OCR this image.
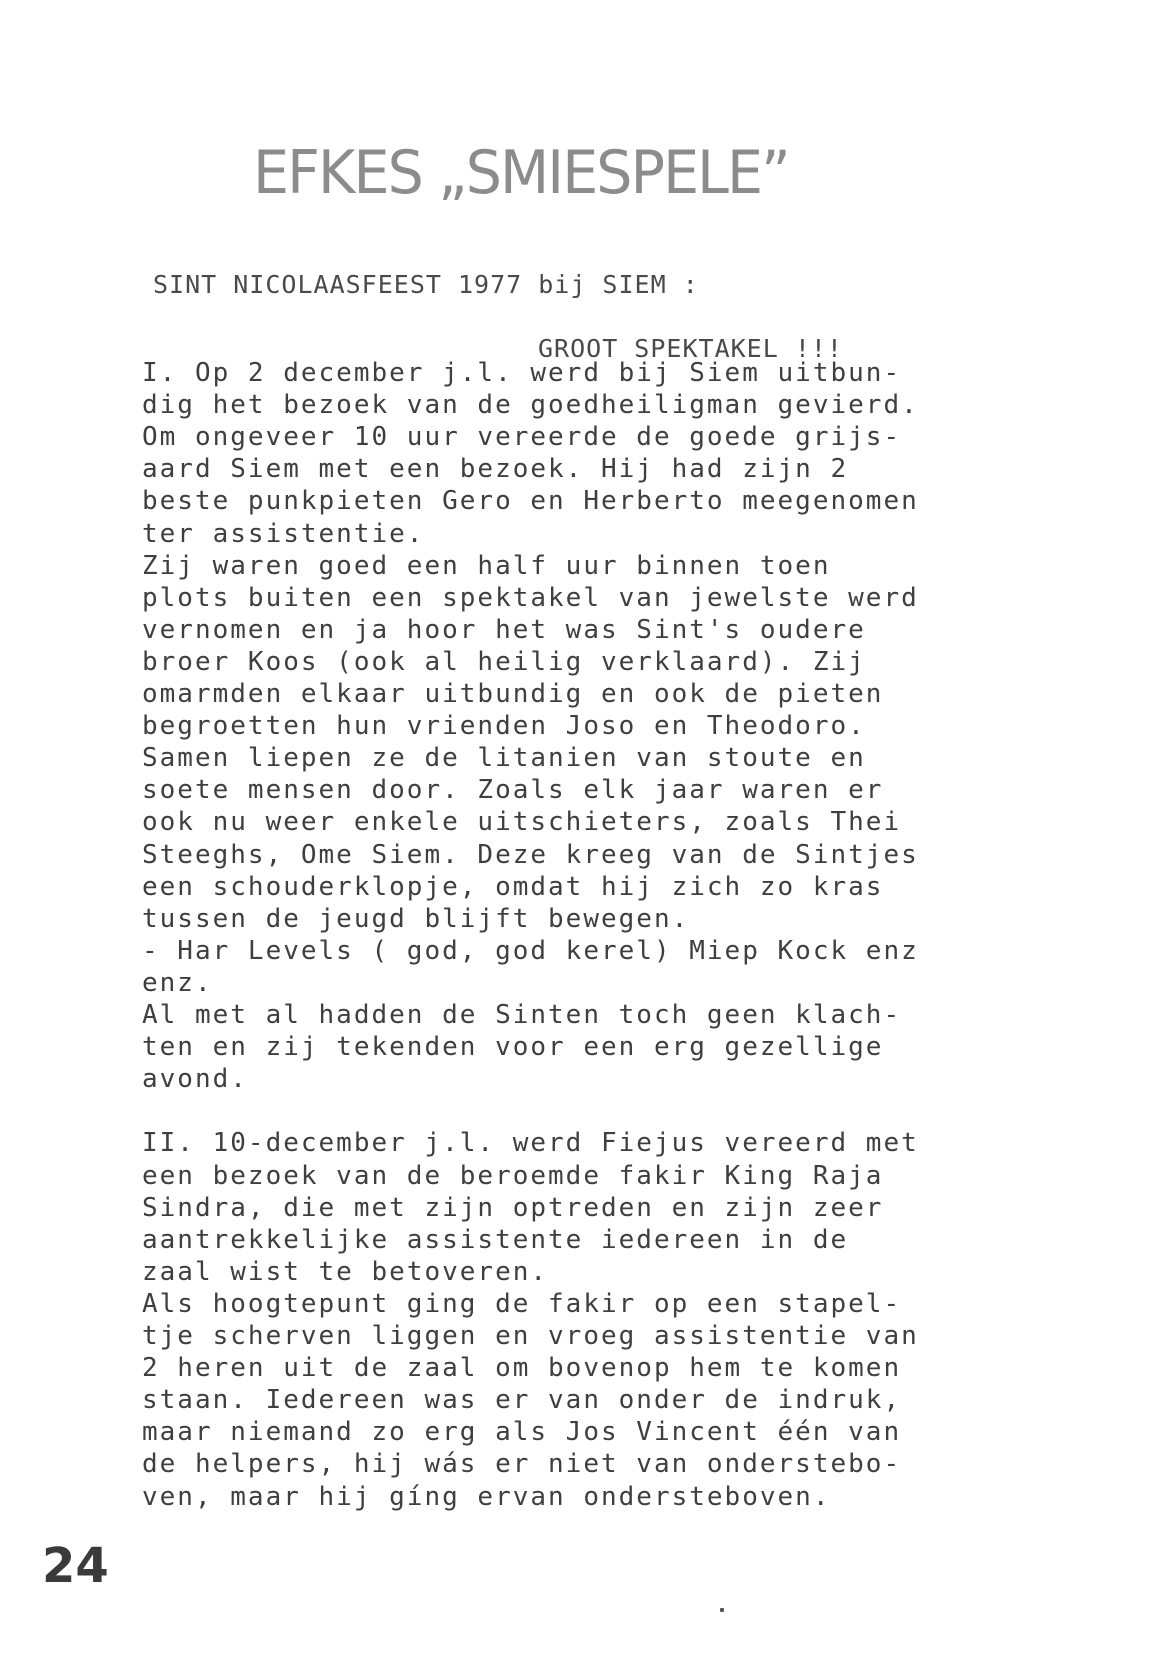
EFKES „SMIESPELE”
SINT NICOLAASFEEST 1977 bij SIEM :
GROOT SPEKTAKEL !!!
I. Op 2 december j.l. werd bij Siem uitbun-
dig het bezoek van de goedheiligman gevierd.
Om ongeveer 10 uur vereerde de goede grijs-
aard Siem met een bezoek. Hij had zijn 2
beste punkpieten Gero en Herberto meegenomen
ter assistentie.
Zij waren goed een half uur binnen toen
plots buiten een spektakel van jewelste werd
vernomen en ja hoor het was Sint's oudere
broer Koos (ook al heilig verklaard). Zij
omarmden elkaar uitbundig en ook de pieten
begroetten hun vrienden Joso en Theodoro.
Samen liepen ze de litanien van stoute en
soete mensen door. Zoals elk jaar waren er
ook nu weer enkele uitschieters, zoals Thei
Steeghs, Ome Siem. Deze kreeg van de Sintjes
een schouderklopje, omdat hij zich zo kras
tussen de jeugd blijft bewegen.
- Har Levels ( god, god kerel) Miep Kock enz
enz.
Al met al hadden de Sinten toch geen klach-
ten en zij tekenden voor een erg gezellige
avond.
II. 10-december j.l. werd Fiejus vereerd met
een bezoek van de beroemde fakir King Raja
Sindra, die met zijn optreden en zijn zeer
aantrekkelijke assistente iedereen in de
zaal wist te betoveren.
Als hoogtepunt ging de fakir op een stapel-
tje scherven liggen en vroeg assistentie van
2 heren uit de zaal om bovenop hem te komen
staan. Iedereen was er van onder de indruk,
maar niemand zo erg als Jos Vincent één van
de helpers, hij wás er niet van onderstebo-
ven, maar hij gíng ervan ondersteboven.
24
